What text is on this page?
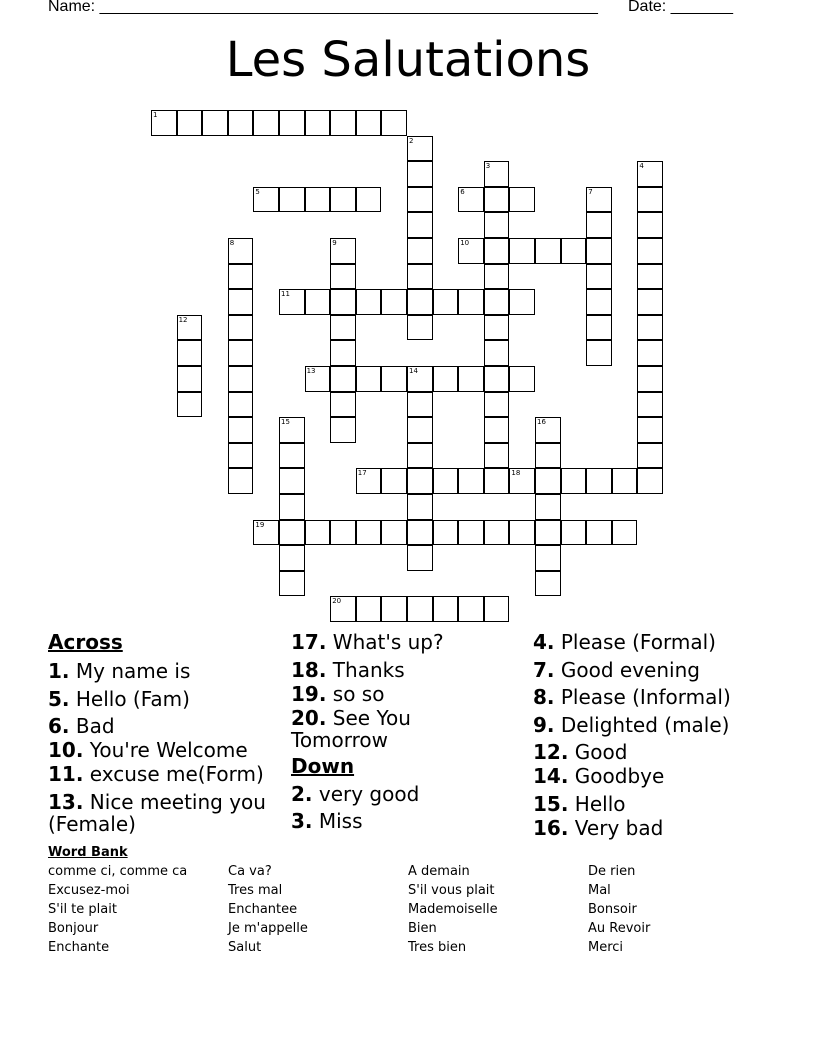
Name: ________________________________________________________ Date: _______
Les Salutations
1
2
3	4
5	6	7
8	9	10
11
12
13	14
15	16
17	18
19
20
Across
1. My name is
5. Hello (Fam)
6. Bad
10. You're Welcome
11. excuse me(Form)
13. Nice meeting you (Female)
17. What's up?
18. Thanks
19. so so
20. See You Tomorrow
Down
2. very good
3. Miss
4. Please (Formal)
7. Good evening
8. Please (Informal)
9. Delighted (male)
12. Good
14. Goodbye
15. Hello
16. Very bad
Word Bank
comme ci, comme ca
Excusez-moi
S'il te plait
Bonjour
Enchante
Ca va?
Tres mal
Enchantee
Je m'appelle
Salut
A demain
S'il vous plait
Mademoiselle
Bien
Tres bien
De rien
Mal
Bonsoir
Au Revoir
Merci
